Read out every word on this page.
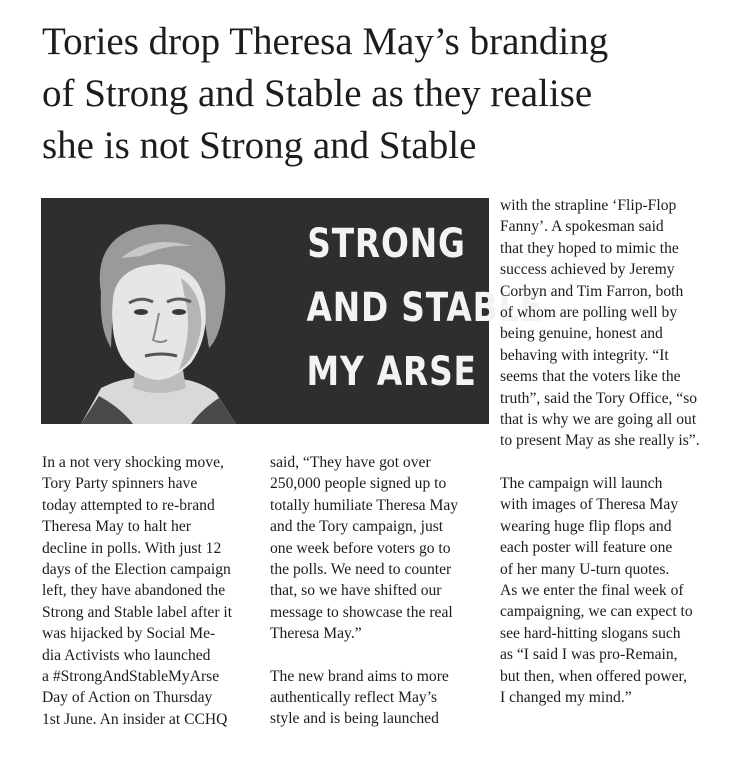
Tories drop Theresa May’s branding
of Strong and Stable as they realise
she is not Strong and Stable
STRONG
AND STABLE
MY ARSE

In a not very shocking move,
Tory Party spinners have
today attempted to re-brand
Theresa May to halt her
decline in polls. With just 12
days of the Election campaign
left, they have abandoned the
Strong and Stable label after it
was hijacked by Social Me-
dia Activists who launched
a #StrongAndStableMyArse
Day of Action on Thursday
1st June. An insider at CCHQ

said, “They have got over
250,000 people signed up to
totally humiliate Theresa May
and the Tory campaign, just
one week before voters go to
the polls. We need to counter
that, so we have shifted our
message to showcase the real
Theresa May.”

The new brand aims to more
authentically reflect May’s
style and is being launched

with the strapline ‘Flip-Flop
Fanny’. A spokesman said
that they hoped to mimic the
success achieved by Jeremy
Corbyn and Tim Farron, both
of whom are polling well by
being genuine, honest and
behaving with integrity. “It
seems that the voters like the
truth”, said the Tory Office, “so
that is why we are going all out
to present May as she really is”.

The campaign will launch
with images of Theresa May
wearing huge flip flops and
each poster will feature one
of her many U-turn quotes.
As we enter the final week of
campaigning, we can expect to
see hard-hitting slogans such
as “I said I was pro-Remain,
but then, when offered power,
I changed my mind.”
